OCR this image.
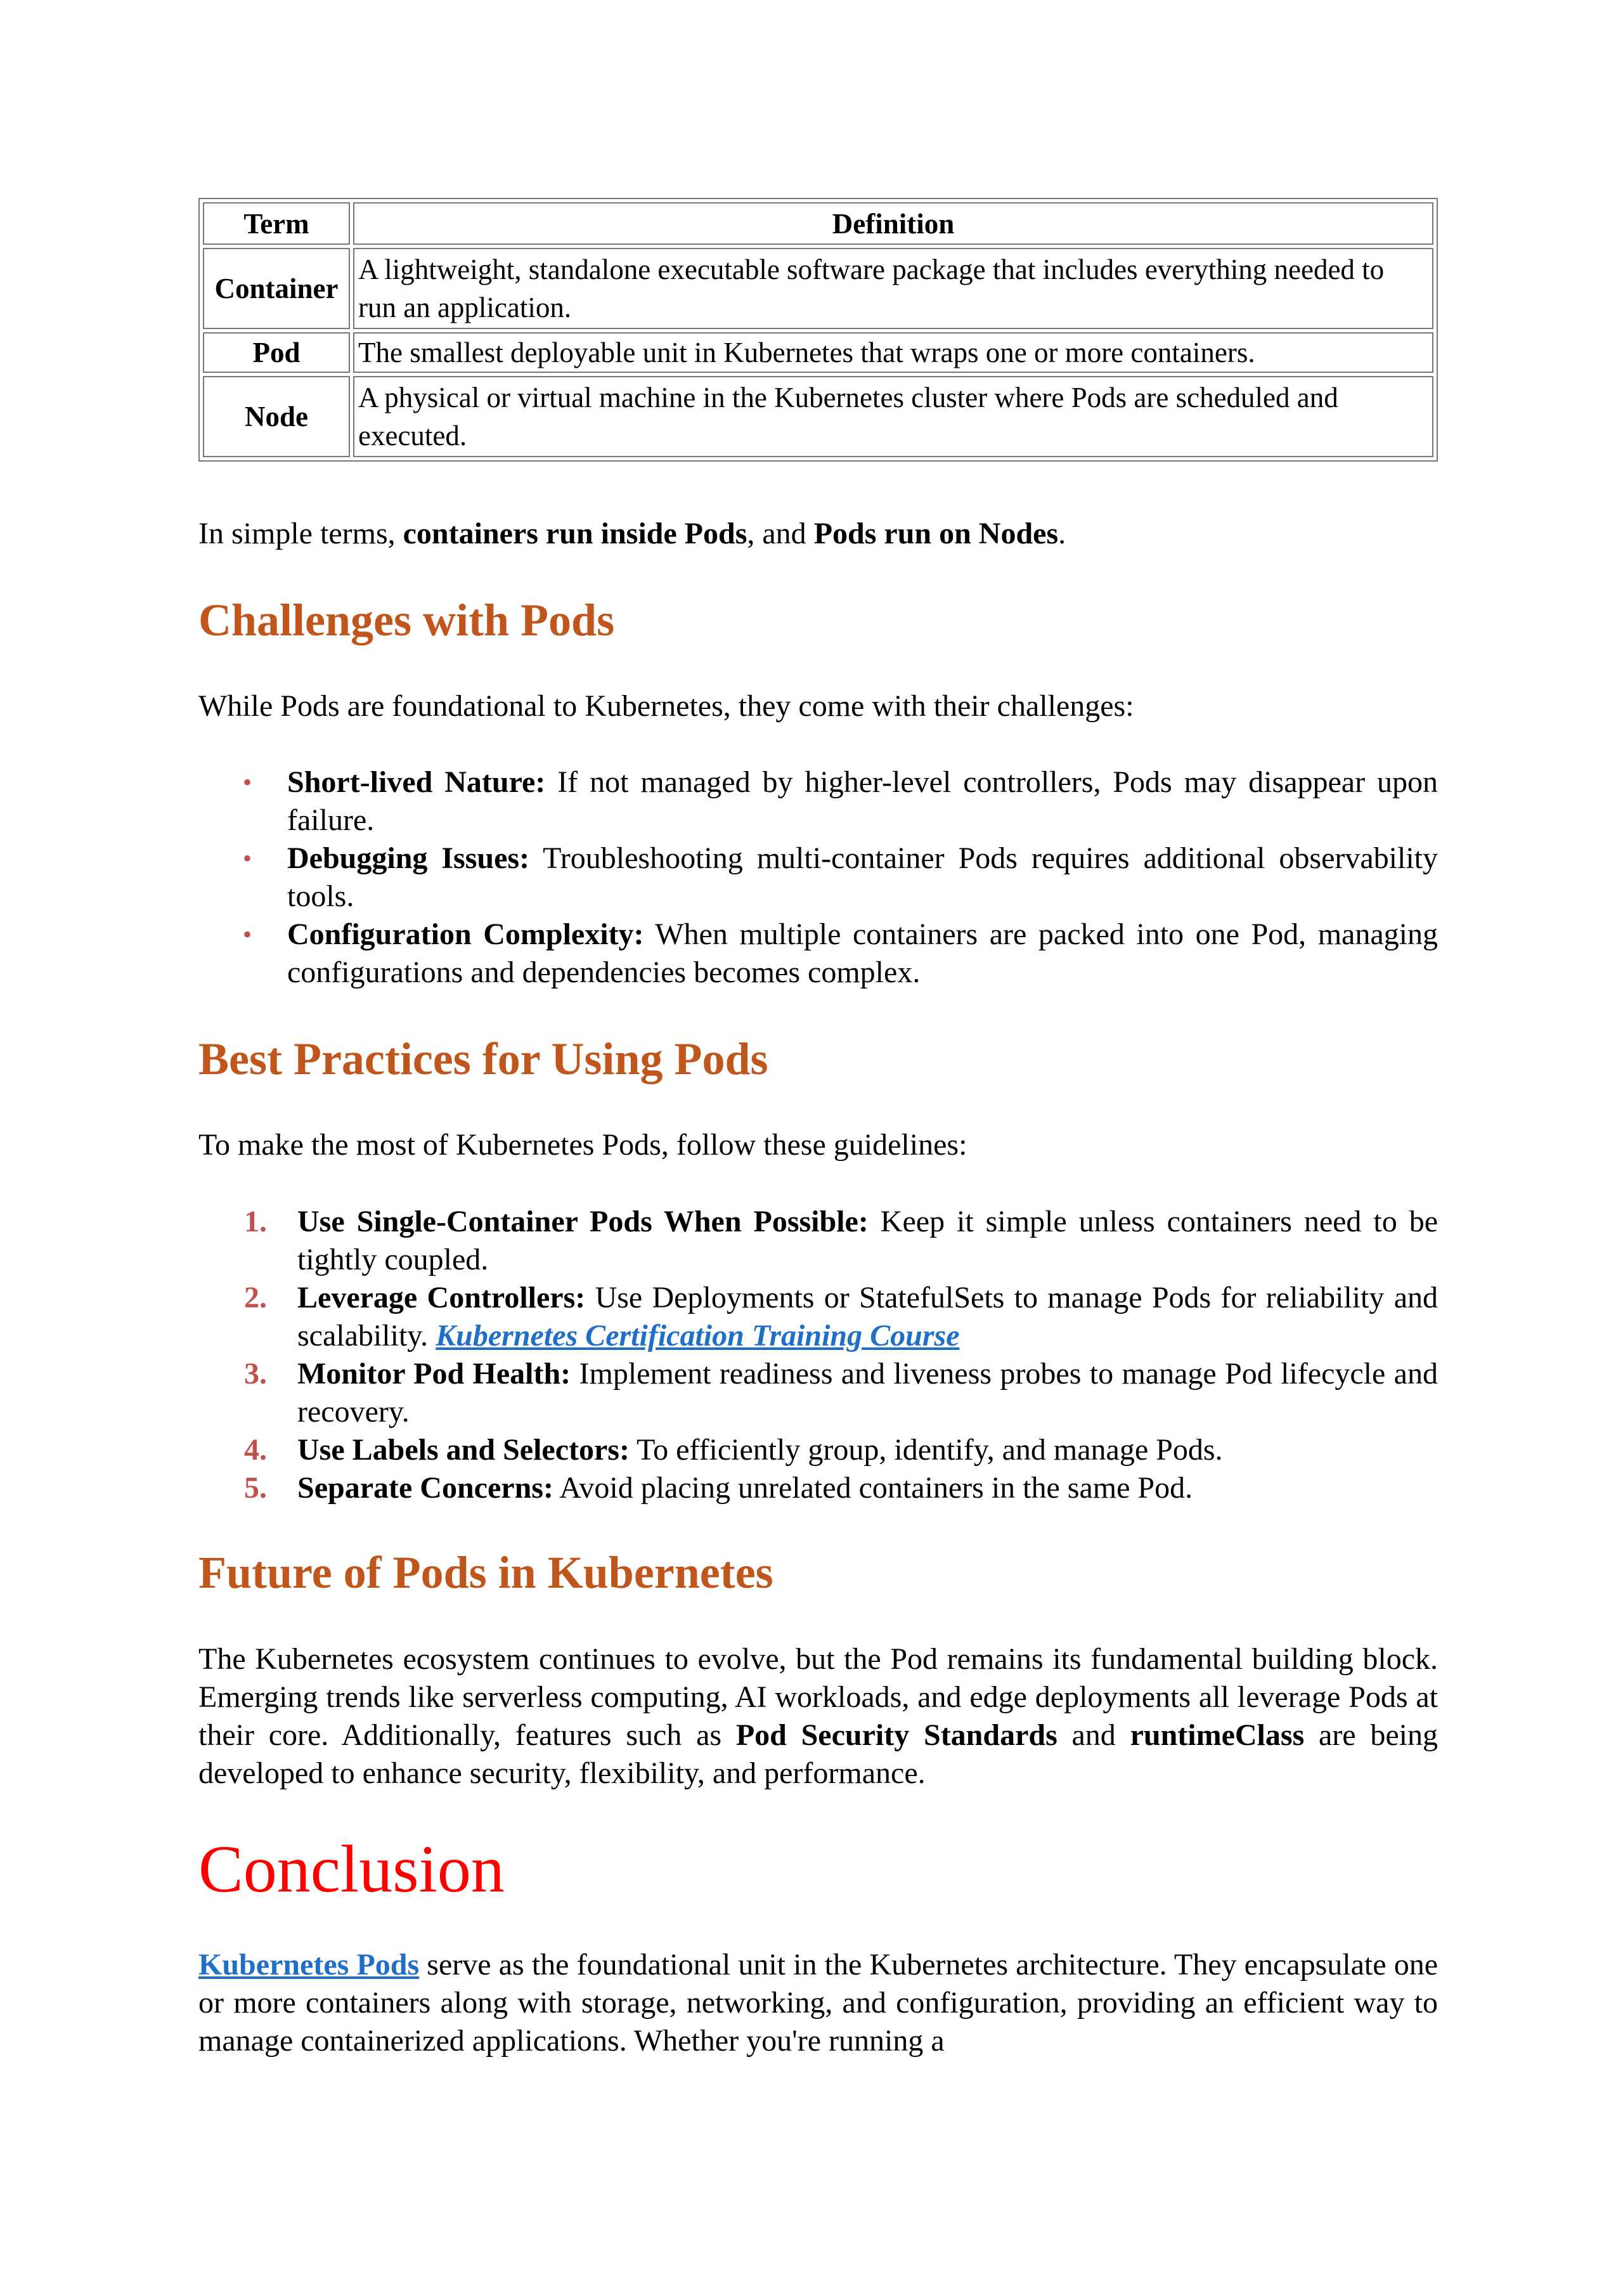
Term	Definition
Container	A lightweight, standalone executable software package that includes everything needed to run an application.
Pod	The smallest deployable unit in Kubernetes that wraps one or more containers.
Node	A physical or virtual machine in the Kubernetes cluster where Pods are scheduled and executed.

In simple terms, containers run inside Pods, and Pods run on Nodes.

Challenges with Pods

While Pods are foundational to Kubernetes, they come with their challenges:

• Short-lived Nature: If not managed by higher-level controllers, Pods may disappear upon failure.
• Debugging Issues: Troubleshooting multi-container Pods requires additional observability tools.
• Configuration Complexity: When multiple containers are packed into one Pod, managing configurations and dependencies becomes complex.
Best Practices for Using Pods

To make the most of Kubernetes Pods, follow these guidelines:

1. Use Single-Container Pods When Possible: Keep it simple unless containers need to be tightly coupled.
2. Leverage Controllers: Use Deployments or StatefulSets to manage Pods for reliability and scalability. Kubernetes Certification Training Course
3. Monitor Pod Health: Implement readiness and liveness probes to manage Pod lifecycle and recovery.
4. Use Labels and Selectors: To efficiently group, identify, and manage Pods.
5. Separate Concerns: Avoid placing unrelated containers in the same Pod.
Future of Pods in Kubernetes

The Kubernetes ecosystem continues to evolve, but the Pod remains its fundamental building block. Emerging trends like serverless computing, AI workloads, and edge deployments all leverage Pods at their core. Additionally, features such as Pod Security Standards and runtimeClass are being developed to enhance security, flexibility, and performance.

Conclusion

Kubernetes Pods serve as the foundational unit in the Kubernetes architecture. They encapsulate one or more containers along with storage, networking, and configuration, providing an efficient way to manage containerized applications. Whether you're running a
